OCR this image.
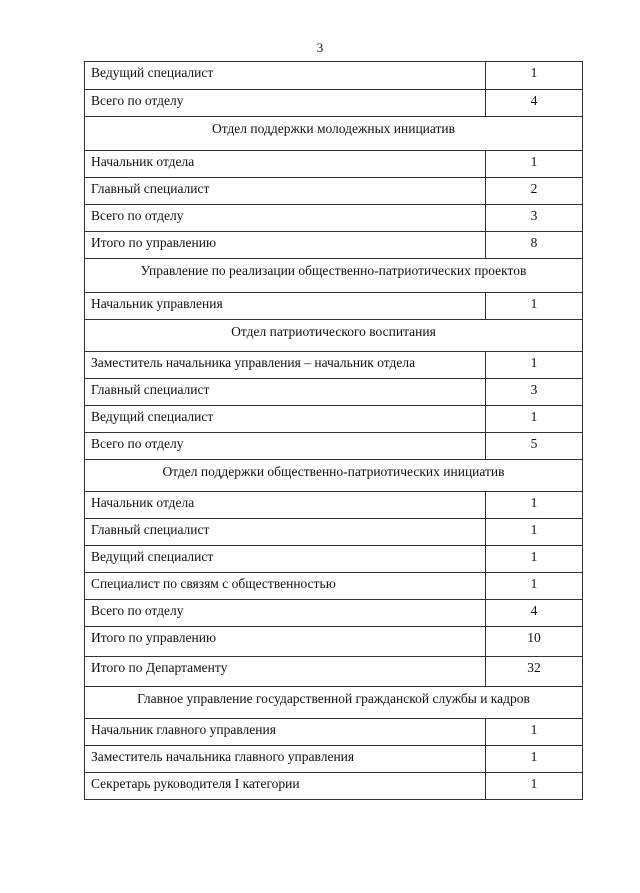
3
Ведущий специалист	1
Всего по отделу	4
Отдел поддержки молодежных инициатив	
Начальник отдела	1
Главный специалист	2
Всего по отделу	3
Итого по управлению	8
Управление по реализации общественно-патриотических проектов	
Начальник управления	1
Отдел патриотического воспитания	
Заместитель начальника управления – начальник отдела	1
Главный специалист	3
Ведущий специалист	1
Всего по отделу	5
Отдел поддержки общественно-патриотических инициатив	
Начальник отдела	1
Главный специалист	1
Ведущий специалист	1
Специалист по связям с общественностью	1
Всего по отделу	4
Итого по управлению	10
Итого по Департаменту	32
Главное управление государственной гражданской службы и кадров	
Начальник главного управления	1
Заместитель начальника главного управления	1
Секретарь руководителя I категории	1
